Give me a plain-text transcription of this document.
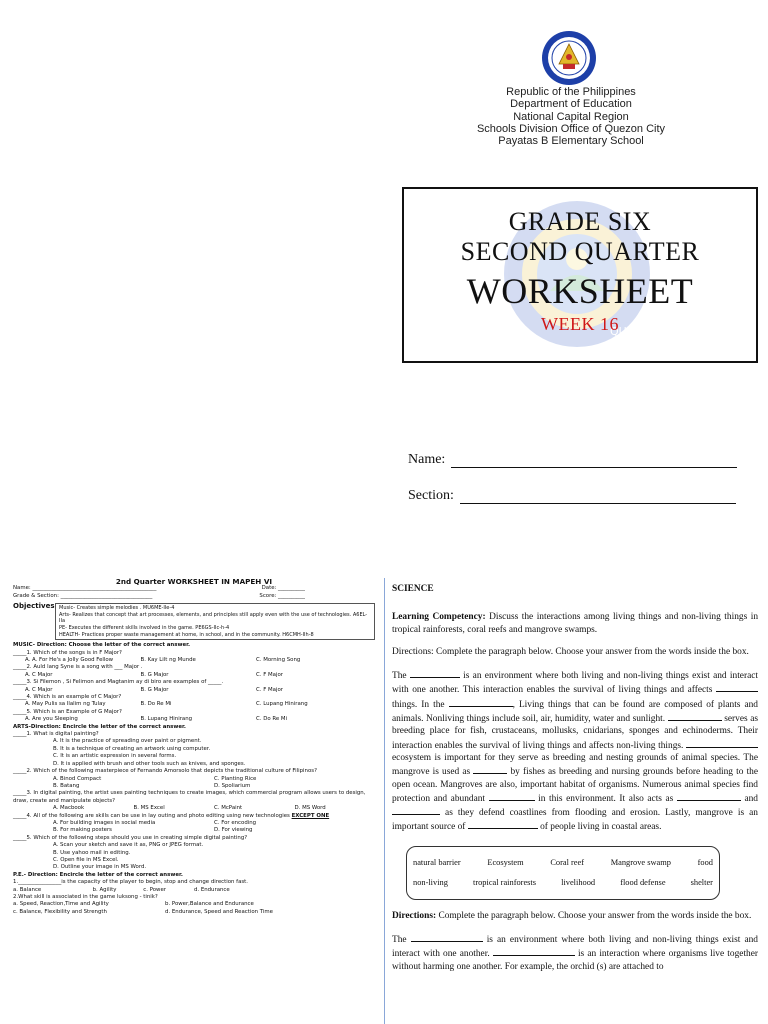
Republic of the Philippines
Department of Education
National Capital Region
Schools Division Office of Quezon City
Payatas B Elementary School
QUEZON CITY
GRADE SIX
SECOND QUARTER
WORKSHEET
WEEK 16
Name:
Section:
2nd Quarter WORKSHEET IN MAPEH VI
Name: ______________________________________________	Date: __________
Grade & Section: __________________________________	Score: __________
Objectives Music- Creates simple melodies . MU6ME-IIe-4
Arts- Realizes that concept that art processes, elements, and principles still apply even with the use of technologies. A6EL-IIa
PE- Executes the different skills involved in the game. PE6GS-IIc-h-4
HEALTH- Practices proper waste management at home, in school, and in the community. H6CMH-IIh-8
MUSIC- Direction: Choose the letter of the correct answer.
_____1. Which of the songs is in F Major?
A. A. For He's a Jolly Good Fellow	B. Kay Lilt ng Munde	C. Morning Song
_____2. Auld lang Syne is a song with ___ Major .
A. C Major	B. G Major	C. F Major
_____3. Si Filemon , Si Felimon and Magtanim ay di biro are examples of _____.
A. C Major	B. G Major	C. F Major
_____4. Which is an example of C Major?
A. May Pulis sa Ilalim ng Tulay	B. Do Re Mi	C. Lupang Hinirang
_____5. Which is an Example of G Major?
A. Are you Sleeping	B. Lupang Hinirang	C. Do Re Mi
ARTS-Direction: Encircle the letter of the correct answer.
_____1. What is digital painting?
A. It is the practice of spreading over paint or pigment.
B. It is a technique of creating an artwork using computer.
C. It is an artistic expression in several forms.
D. It is applied with brush and other tools such as knives, and sponges.
_____2. Which of the following masterpiece of Fernando Amorsolo that depicts the traditional culture of Filipinos?
A. Binod Compact	C. Planting Rice
B. Batang	D. Spoliarium
_____3. In digital painting, the artist uses painting techniques to create images, which commercial program allows users to design, draw, create and manipulate objects?
A. Macbook	B. MS Excel	C. McPaint	D. MS Word
_____4. All of the following are skills can be use in lay outing and photo editing using new technologies EXCEPT ONE
A. For building images in social media	C. For encoding
B. For making posters	D. For viewing
_____5. Which of the following steps should you use in creating simple digital painting?
A. Scan your sketch and save it as, PNG or JPEG format.
B. Use yahoo mail in editing.
C. Open file in MS Excel.
D. Outline your image in MS Word.
P.E.- Direction: Encircle the letter of the correct answer.
1.________________is the capacity of the player to begin, stop and change direction fast.
a. Balance	b. Agility	c. Power	d. Endurance
2.What skill is associated in the game luksong - tinik?
a. Speed, Reaction,Time and Agility	b. Power,Balance and Endurance
c. Balance, Flexibility and Strength	d. Endurance, Speed and Reaction Time
SCIENCE

Learning Competency: Discuss the interactions among living things and non-living things in tropical rainforests, coral reefs and mangrove swamps.

Directions: Complete the paragraph below. Choose your answer from the words inside the box.

The	is an environment where both living and non-living things exist and interact with one another. This interaction enables the survival of living things and affects  things. In the	, Living things that can be found are composed of plants and animals. Nonliving things include soil, air, humidity, water and sunlight.	serves as breeding place for fish, crustaceans, mollusks, cnidarians, sponges and echinoderms. Their interaction enables the survival of living things and affects non-living things.  ecosystem is important for they serve as breeding and nesting grounds of animal species. The mangrove is used as	by fishes as breeding and nursing grounds before heading to the open ocean. Mangroves are also, important habitat of organisms. Numerous animal species find protection and abundant	in this environment. It also acts as	and  as they defend coastlines from flooding and erosion. Lastly, mangrove is an important source of	of people living in coastal areas.

natural barrier	Ecosystem	Coral reef	Mangrove swamp	food
non-living	tropical rainforests	livelihood	flood defense	shelter

Directions: Complete the paragraph below. Choose your answer from the words inside the box.

The	is an environment where both living and non-living things exist and interact with one another.	is an interaction where organisms live together without harming one another. For example, the orchid (s) are attached to
